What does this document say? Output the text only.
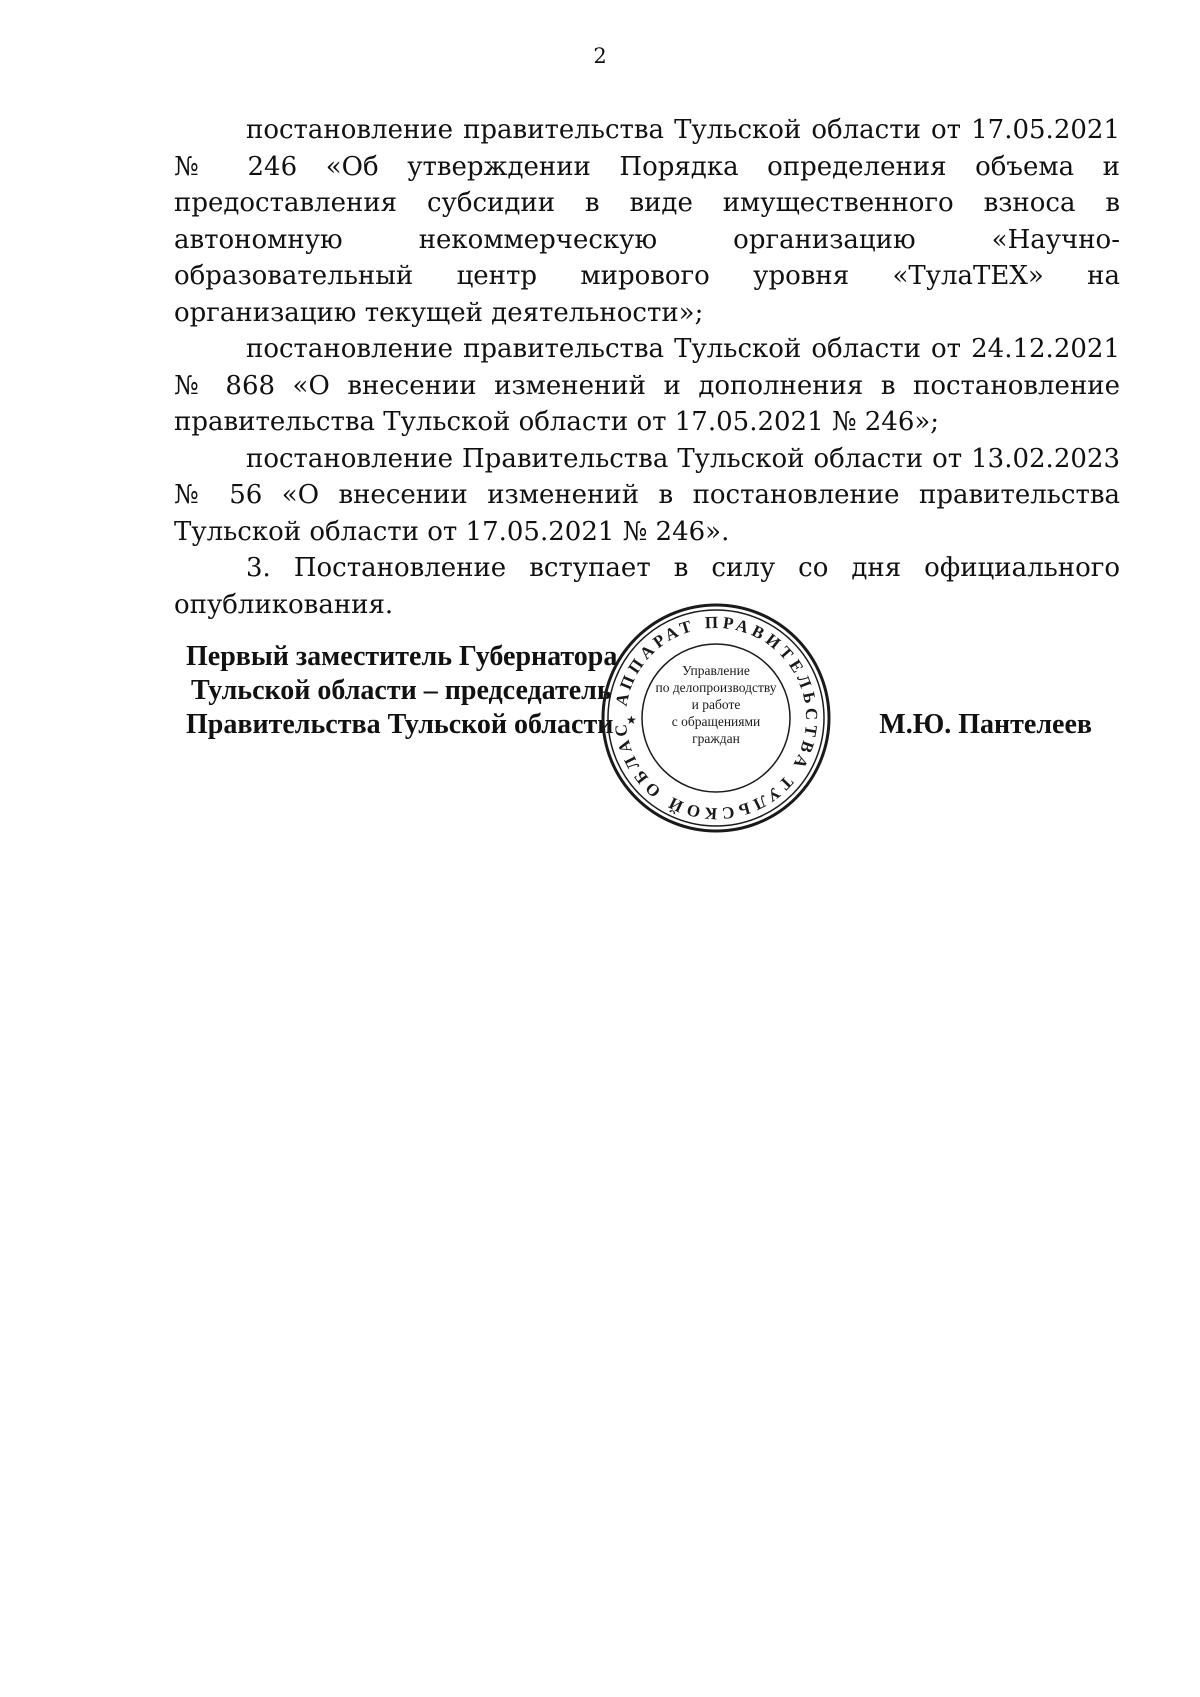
2

постановление правительства Тульской области от 17.05.2021 № 246 «Об утверждении Порядка определения объема и предоставления субсидии в виде имущественного взноса в автономную некоммерческую организацию «Научно-образовательный центр мирового уровня «ТулаТЕХ» на организацию текущей деятельности»;

постановление правительства Тульской области от 24.12.2021 № 868 «О внесении изменений и дополнения в постановление правительства Тульской области от 17.05.2021 № 246»;

постановление Правительства Тульской области от 13.02.2023 № 56 «О внесении изменений в постановление правительства Тульской области от 17.05.2021 № 246».

3. Постановление вступает в силу со дня официального опубликования.

Первый заместитель Губернатора
Тульской области – председатель
Правительства Тульской области	М.Ю. Пантелеев
АППАРАТ ПРАВИТЕЛЬСТВА ТУЛЬСКОЙ ОБЛАС
★
Управление
по делопроизводству
и работе
с обращениями
граждан
